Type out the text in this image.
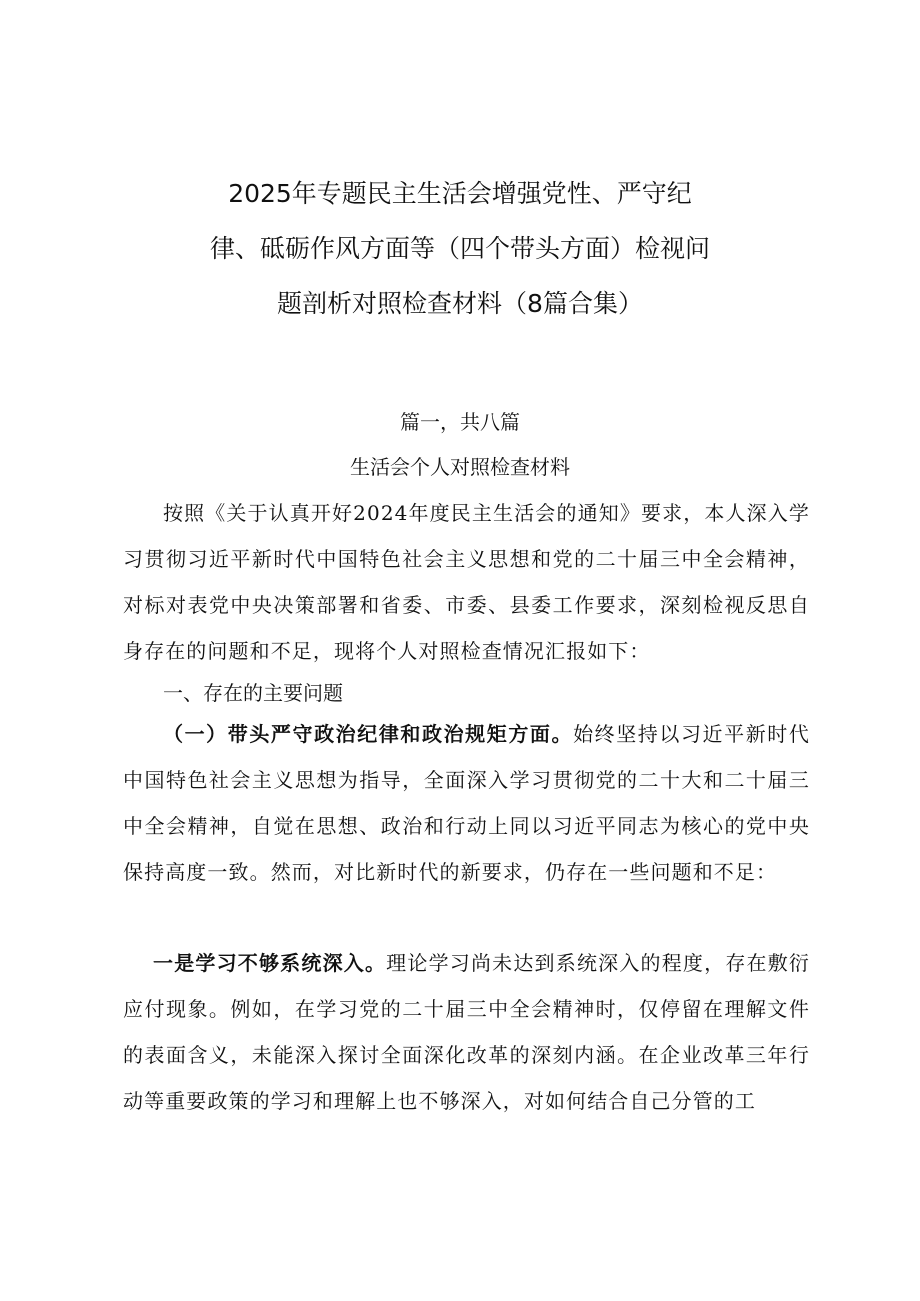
2025年专题民主生活会增强党性、严守纪
律、砥砺作风方面等（四个带头方面）检视问
题剖析对照检查材料（8篇合集）

篇一，共八篇

生活会个人对照检查材料

按照《关于认真开好2024年度民主生活会的通知》要求，本人深入学习贯彻习近平新时代中国特色社会主义思想和党的二十届三中全会精神，对标对表党中央决策部署和省委、市委、县委工作要求，深刻检视反思自身存在的问题和不足，现将个人对照检查情况汇报如下：

一、存在的主要问题

（一）带头严守政治纪律和政治规矩方面。始终坚持以习近平新时代中国特色社会主义思想为指导，全面深入学习贯彻党的二十大和二十届三中全会精神，自觉在思想、政治和行动上同以习近平同志为核心的党中央保持高度一致。然而，对比新时代的新要求，仍存在一些问题和不足：

一是学习不够系统深入。理论学习尚未达到系统深入的程度，存在敷衍应付现象。例如，在学习党的二十届三中全会精神时，仅停留在理解文件的表面含义，未能深入探讨全面深化改革的深刻内涵。在企业改革三年行动等重要政策的学习和理解上也不够深入，对如何结合自己分管的工
